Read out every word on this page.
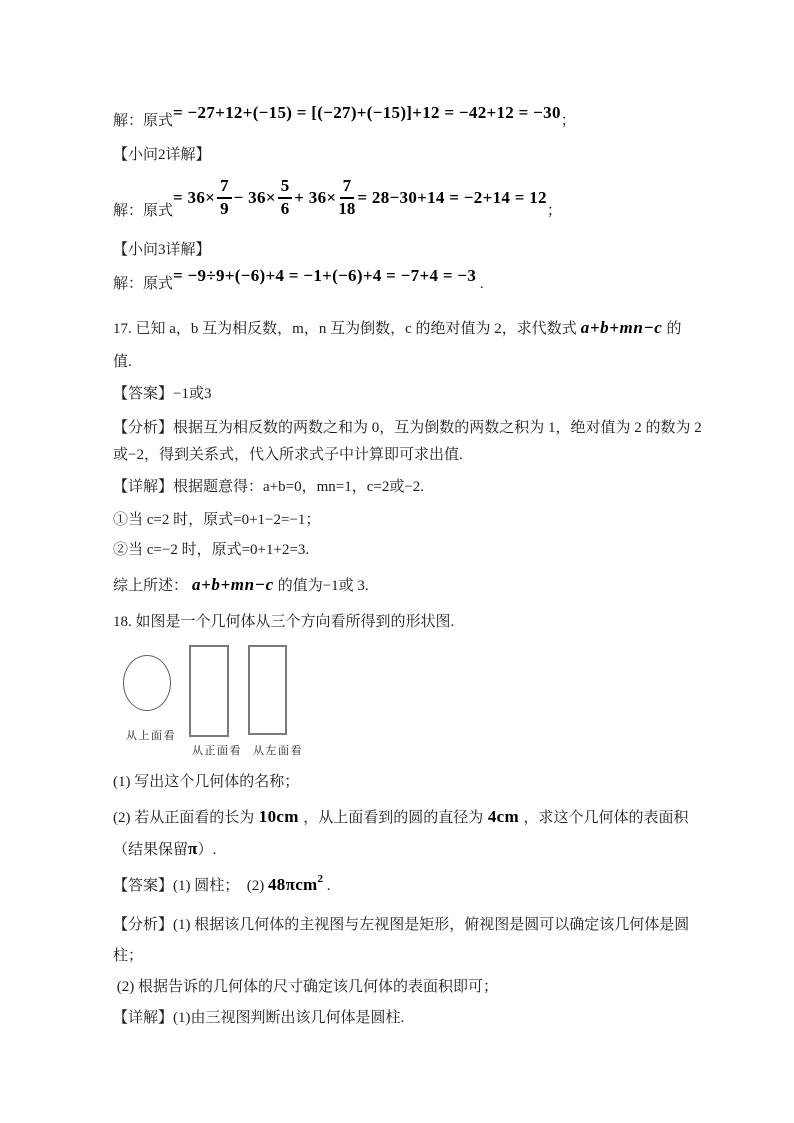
解：原式= −27+12+(−15) = [(−27)+(−15)]+12 = −42+12 = −30；
【小问2详解】
解：原式
= $36\times \frac{7}{9} - 36\times \frac{5}{6} + 36\times \frac{7}{18} = 28-30+14 = -2+14 = 12$
；
【小问3详解】
解：原式= −9÷9+(−6)+4 = −1+(−6)+4 = −7+4 = −3 .
17. 已知 a，b 互为相反数，m，n 互为倒数，c 的绝对值为 2，求代数式 a+b+mn−c 的
值.
【答案】−1或3
【分析】根据互为相反数的两数之和为 0，互为倒数的两数之积为 1，绝对值为 2 的数为 2
或−2，得到关系式，代入所求式子中计算即可求出值.
【详解】根据题意得：a+b=0，mn=1，c=2或−2.
①当 c=2 时，原式=0+1−2=−1；
②当 c=−2 时，原式=0+1+2=3.
综上所述： a+b+mn−c 的值为−1或 3.
18. 如图是一个几何体从三个方向看所得到的形状图.
从上面看
从正面看 从左面看
(1) 写出这个几何体的名称；
(2) 若从正面看的长为 10cm ，从上面看到的圆的直径为 4cm ，求这个几何体的表面积
（结果保留π）.
【答案】(1) 圆柱；  (2) 48πcm$^2$ .
【分析】(1) 根据该几何体的主视图与左视图是矩形，俯视图是圆可以确定该几何体是圆
柱；
(2) 根据告诉的几何体的尺寸确定该几何体的表面积即可；
【详解】(1)由三视图判断出该几何体是圆柱.
